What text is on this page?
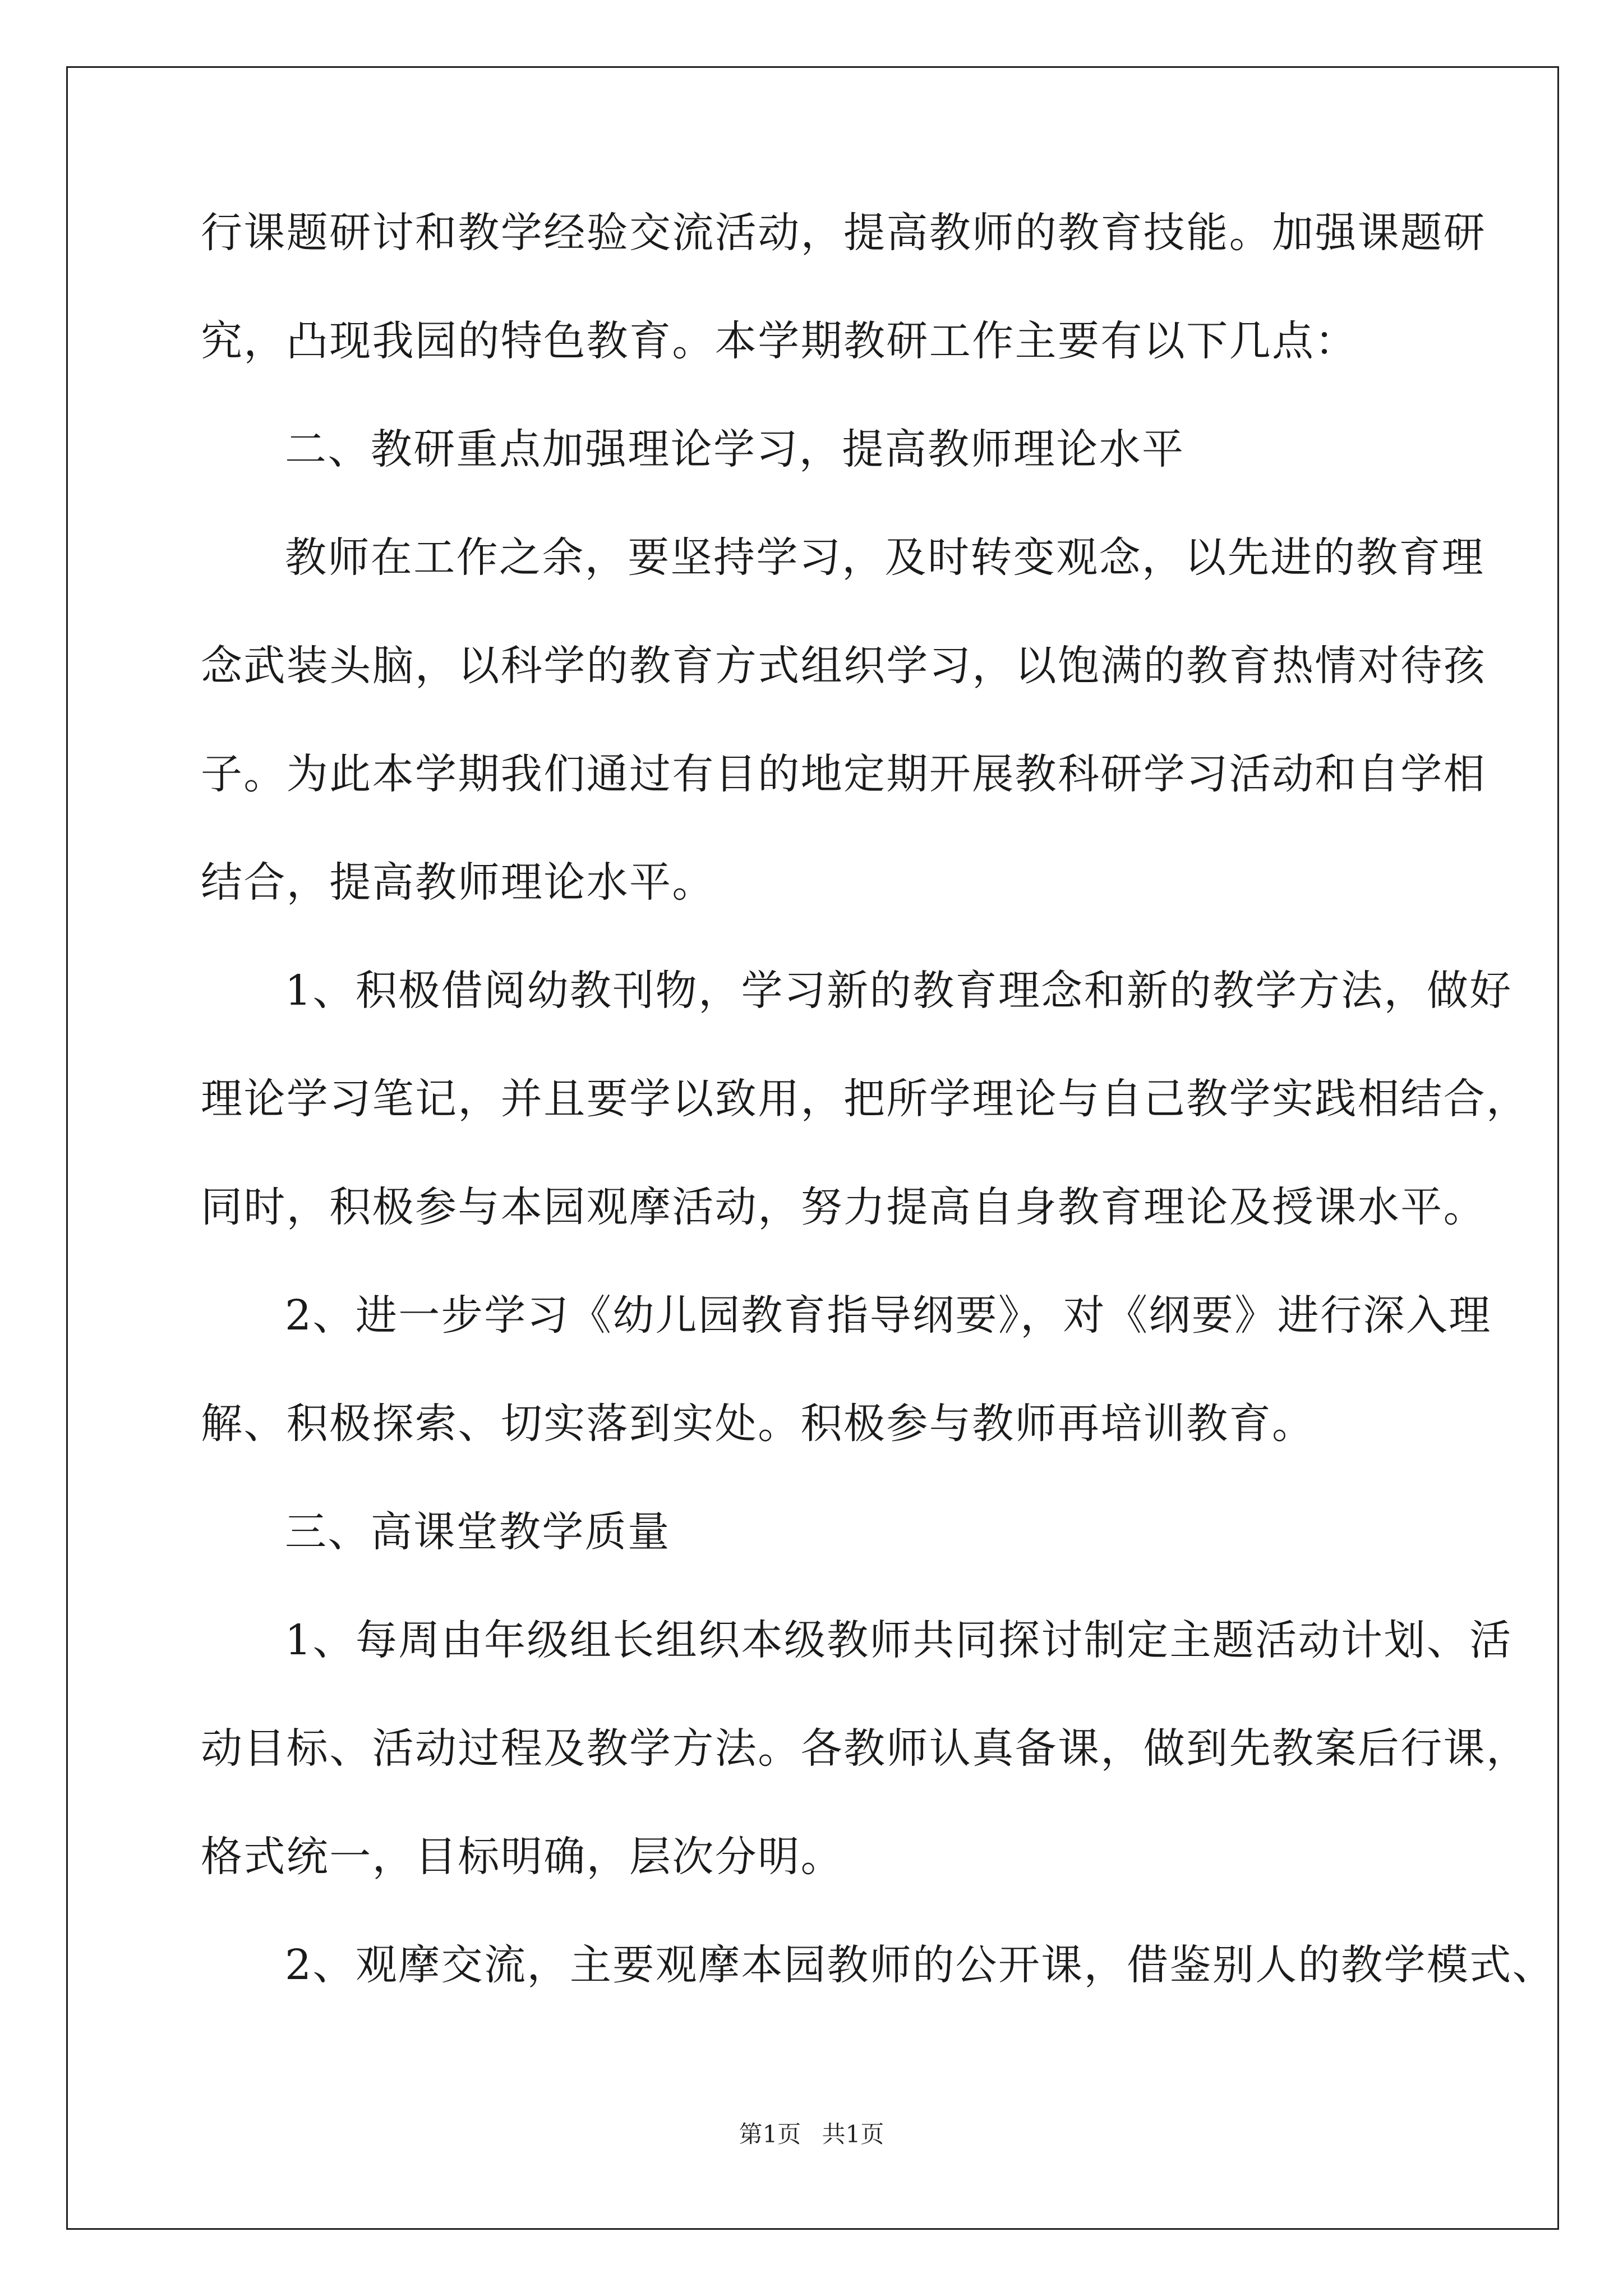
行课题研讨和教学经验交流活动，提高教师的教育技能。加强课题研

究，凸现我园的特色教育。本学期教研工作主要有以下几点：

二、教研重点加强理论学习，提高教师理论水平

教师在工作之余，要坚持学习，及时转变观念，以先进的教育理

念武装头脑，以科学的教育方式组织学习，以饱满的教育热情对待孩

子。为此本学期我们通过有目的地定期开展教科研学习活动和自学相

结合，提高教师理论水平。

1、积极借阅幼教刊物，学习新的教育理念和新的教学方法，做好

理论学习笔记，并且要学以致用，把所学理论与自己教学实践相结合，

同时，积极参与本园观摩活动，努力提高自身教育理论及授课水平。

2、进一步学习《幼儿园教育指导纲要》，对《纲要》进行深入理

解、积极探索、切实落到实处。积极参与教师再培训教育。

三、高课堂教学质量

1、每周由年级组长组织本级教师共同探讨制定主题活动计划、活

动目标、活动过程及教学方法。各教师认真备课，做到先教案后行课，

格式统一，目标明确，层次分明。

2、观摩交流，主要观摩本园教师的公开课，借鉴别人的教学模式、

第1页 共1页
